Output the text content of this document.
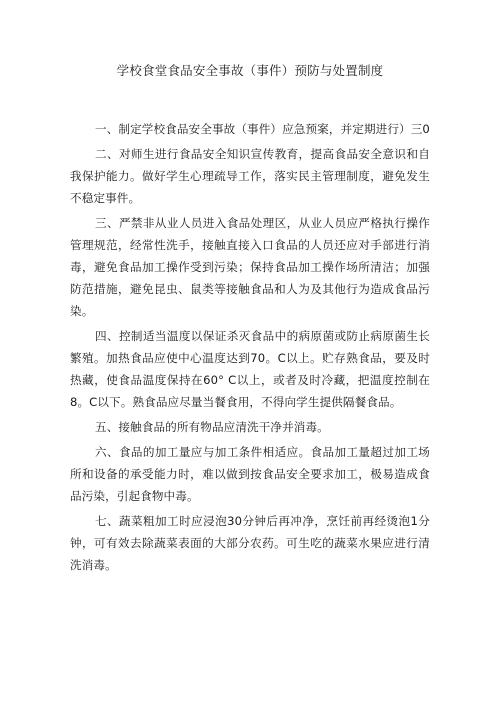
学校食堂食品安全事故（事件）预防与处置制度

一、制定学校食品安全事故（事件）应急预案，并定期进行）三0

二、对师生进行食品安全知识宣传教育，提高食品安全意识和自我保护能力。做好学生心理疏导工作，落实民主管理制度，避免发生不稳定事件。

三、严禁非从业人员进入食品处理区，从业人员应严格执行操作管理规范，经常性洗手，接触直接入口食品的人员还应对手部进行消毒，避免食品加工操作受到污染；保持食品加工操作场所清洁；加强防范措施，避免昆虫、鼠类等接触食品和人为及其他行为造成食品污染。

四、控制适当温度以保证杀灭食品中的病原菌或防止病原菌生长繁殖。加热食品应使中心温度达到70。C以上。贮存熟食品，要及时热藏，使食品温度保持在60° C以上，或者及时冷藏，把温度控制在8。C以下。熟食品应尽量当餐食用，不得向学生提供隔餐食品。

五、接触食品的所有物品应清洗干净并消毒。

六、食品的加工量应与加工条件相适应。食品加工量超过加工场所和设备的承受能力时，难以做到按食品安全要求加工，极易造成食品污染，引起食物中毒。

七、蔬菜粗加工时应浸泡30分钟后再冲净，烹饪前再经烫泡1分钟，可有效去除蔬菜表面的大部分农药。可生吃的蔬菜水果应进行清洗消毒。
